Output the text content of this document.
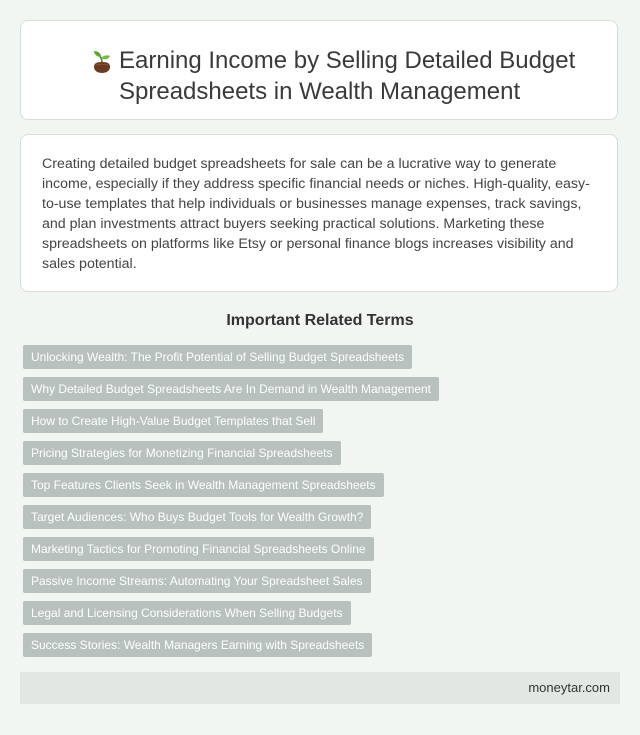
Earning Income by Selling Detailed Budget Spreadsheets in Wealth Management

Creating detailed budget spreadsheets for sale can be a lucrative way to generate income, especially if they address specific financial needs or niches. High-quality, easy-to-use templates that help individuals or businesses manage expenses, track savings, and plan investments attract buyers seeking practical solutions. Marketing these spreadsheets on platforms like Etsy or personal finance blogs increases visibility and sales potential.

Important Related Terms
Unlocking Wealth: The Profit Potential of Selling Budget Spreadsheets
Why Detailed Budget Spreadsheets Are In Demand in Wealth Management
How to Create High-Value Budget Templates that Sell
Pricing Strategies for Monetizing Financial Spreadsheets
Top Features Clients Seek in Wealth Management Spreadsheets
Target Audiences: Who Buys Budget Tools for Wealth Growth?
Marketing Tactics for Promoting Financial Spreadsheets Online
Passive Income Streams: Automating Your Spreadsheet Sales
Legal and Licensing Considerations When Selling Budgets
Success Stories: Wealth Managers Earning with Spreadsheets
moneytar.com
